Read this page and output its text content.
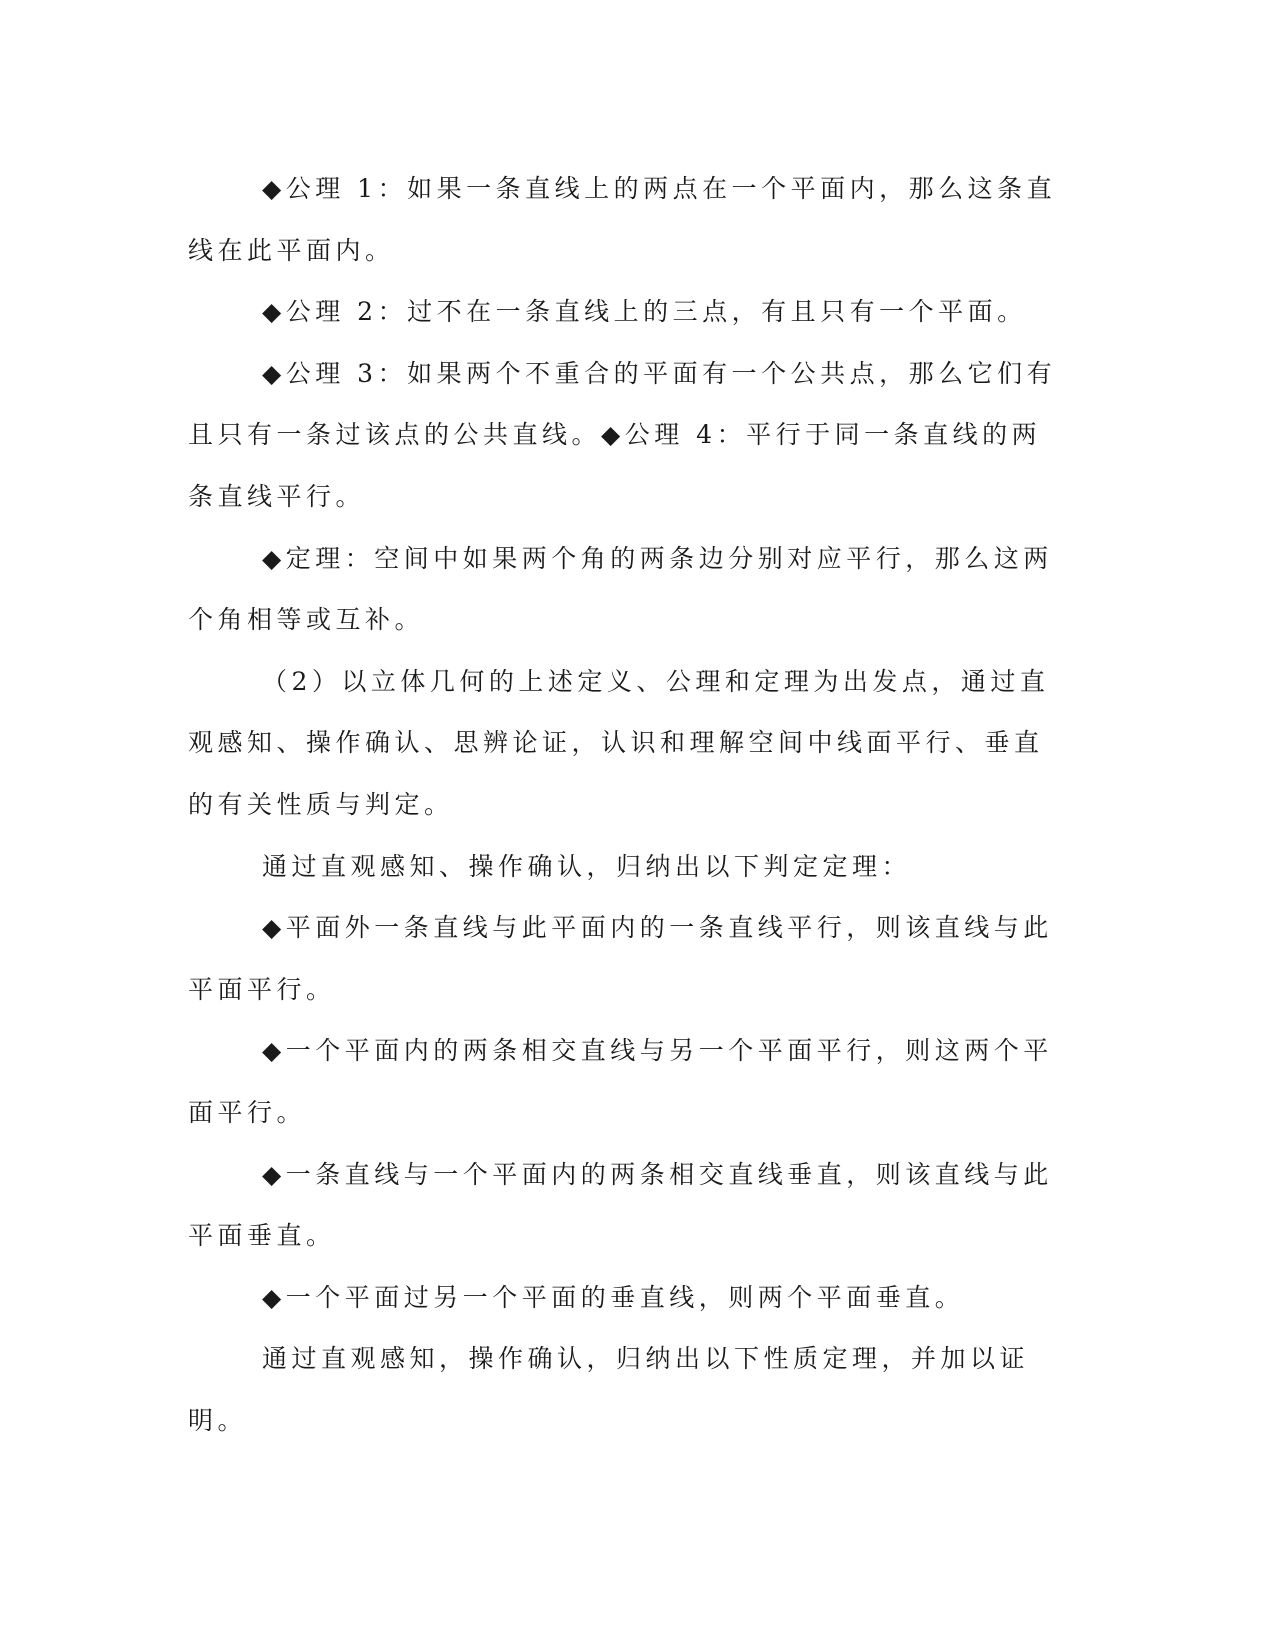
◆公理 1：如果一条直线上的两点在一个平面内，那么这条直线在此平面内。

◆公理 2：过不在一条直线上的三点，有且只有一个平面。

◆公理 3：如果两个不重合的平面有一个公共点，那么它们有且只有一条过该点的公共直线。◆公理 4：平行于同一条直线的两条直线平行。

◆定理：空间中如果两个角的两条边分别对应平行，那么这两个角相等或互补。

（2）以立体几何的上述定义、公理和定理为出发点，通过直观感知、操作确认、思辨论证，认识和理解空间中线面平行、垂直的有关性质与判定。

通过直观感知、操作确认，归纳出以下判定定理：

◆平面外一条直线与此平面内的一条直线平行，则该直线与此平面平行。

◆一个平面内的两条相交直线与另一个平面平行，则这两个平面平行。

◆一条直线与一个平面内的两条相交直线垂直，则该直线与此平面垂直。

◆一个平面过另一个平面的垂直线，则两个平面垂直。

通过直观感知，操作确认，归纳出以下性质定理，并加以证明。
